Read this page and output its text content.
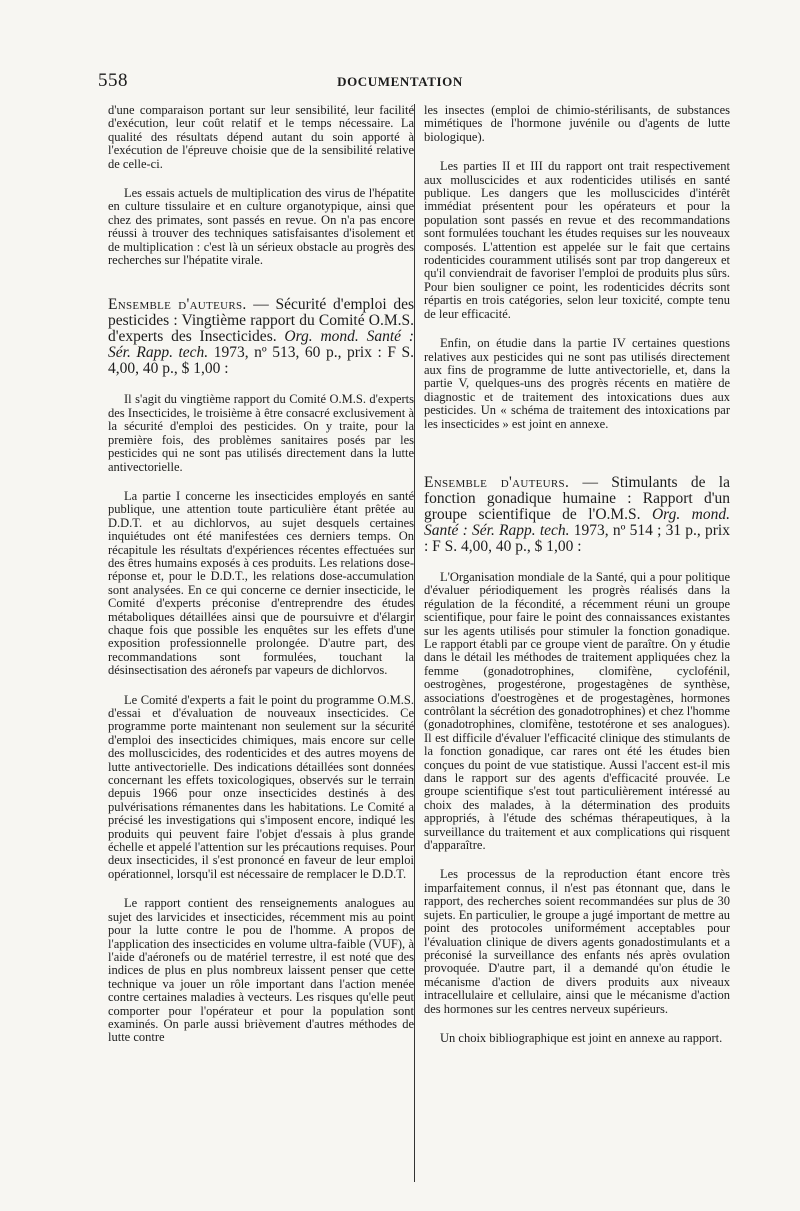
558	DOCUMENTATION

d'une comparaison portant sur leur sensibilité, leur facilité d'exécution, leur coût relatif et le temps nécessaire. La qualité des résultats dépend autant du soin apporté à l'exécution de l'épreuve choisie que de la sensibilité relative de celle-ci.

Les essais actuels de multiplication des virus de l'hépatite en culture tissulaire et en culture organotypique, ainsi que chez des primates, sont passés en revue. On n'a pas encore réussi à trouver des techniques satisfaisantes d'isolement et de multiplication : c'est là un sérieux obstacle au progrès des recherches sur l'hépatite virale.

Ensemble d'auteurs. — Sécurité d'emploi des pesticides : Vingtième rapport du Comité O.M.S. d'experts des Insecticides. Org. mond. Santé : Sér. Rapp. tech. 1973, nº 513, 60 p., prix : F S. 4,00, 40 p., $ 1,00 :

Il s'agit du vingtième rapport du Comité O.M.S. d'experts des Insecticides, le troisième à être consacré exclusivement à la sécurité d'emploi des pesticides. On y traite, pour la première fois, des problèmes sanitaires posés par les pesticides qui ne sont pas utilisés directement dans la lutte antivectorielle.

La partie I concerne les insecticides employés en santé publique, une attention toute particulière étant prêtée au D.D.T. et au dichlorvos, au sujet desquels certaines inquiétudes ont été manifestées ces derniers temps. On récapitule les résultats d'expériences récentes effectuées sur des êtres humains exposés à ces produits. Les relations dose-réponse et, pour le D.D.T., les relations dose-accumulation sont analysées. En ce qui concerne ce dernier insecticide, le Comité d'experts préconise d'entreprendre des études métaboliques détaillées ainsi que de poursuivre et d'élargir chaque fois que possible les enquêtes sur les effets d'une exposition professionnelle prolongée. D'autre part, des recommandations sont formulées, touchant la désinsectisation des aéronefs par vapeurs de dichlorvos.

Le Comité d'experts a fait le point du programme O.M.S. d'essai et d'évaluation de nouveaux insecticides. Ce programme porte maintenant non seulement sur la sécurité d'emploi des insecticides chimiques, mais encore sur celle des molluscicides, des rodenticides et des autres moyens de lutte antivectorielle. Des indications détaillées sont données concernant les effets toxicologiques, observés sur le terrain depuis 1966 pour onze insecticides destinés à des pulvérisations rémanentes dans les habitations. Le Comité a précisé les investigations qui s'imposent encore, indiqué les produits qui peuvent faire l'objet d'essais à plus grande échelle et appelé l'attention sur les précautions requises. Pour deux insecticides, il s'est prononcé en faveur de leur emploi opérationnel, lorsqu'il est nécessaire de remplacer le D.D.T.

Le rapport contient des renseignements analogues au sujet des larvicides et insecticides, récemment mis au point pour la lutte contre le pou de l'homme. A propos de l'application des insecticides en volume ultra-faible (VUF), à l'aide d'aéronefs ou de matériel terrestre, il est noté que des indices de plus en plus nombreux laissent penser que cette technique va jouer un rôle important dans l'action menée contre certaines maladies à vecteurs. Les risques qu'elle peut comporter pour l'opérateur et pour la population sont examinés. On parle aussi brièvement d'autres méthodes de lutte contre

les insectes (emploi de chimio-stérilisants, de substances mimétiques de l'hormone juvénile ou d'agents de lutte biologique).

Les parties II et III du rapport ont trait respectivement aux molluscicides et aux rodenticides utilisés en santé publique. Les dangers que les molluscicides d'intérêt immédiat présentent pour les opérateurs et pour la population sont passés en revue et des recommandations sont formulées touchant les études requises sur les nouveaux composés. L'attention est appelée sur le fait que certains rodenticides couramment utilisés sont par trop dangereux et qu'il conviendrait de favoriser l'emploi de produits plus sûrs. Pour bien souligner ce point, les rodenticides décrits sont répartis en trois catégories, selon leur toxicité, compte tenu de leur efficacité.

Enfin, on étudie dans la partie IV certaines questions relatives aux pesticides qui ne sont pas utilisés directement aux fins de programme de lutte antivectorielle, et, dans la partie V, quelques-uns des progrès récents en matière de diagnostic et de traitement des intoxications dues aux pesticides. Un « schéma de traitement des intoxications par les insecticides » est joint en annexe.

Ensemble d'auteurs. — Stimulants de la fonction gonadique humaine : Rapport d'un groupe scientifique de l'O.M.S. Org. mond. Santé : Sér. Rapp. tech. 1973, nº 514 ; 31 p., prix : F S. 4,00, 40 p., $ 1,00 :

L'Organisation mondiale de la Santé, qui a pour politique d'évaluer périodiquement les progrès réalisés dans la régulation de la fécondité, a récemment réuni un groupe scientifique, pour faire le point des connaissances existantes sur les agents utilisés pour stimuler la fonction gonadique. Le rapport établi par ce groupe vient de paraître. On y étudie dans le détail les méthodes de traitement appliquées chez la femme (gonadotrophines, clomifène, cyclofénil, oestrogènes, progestérone, progestagènes de synthèse, associations d'oestrogènes et de progestagènes, hormones contrôlant la sécrétion des gonadotrophines) et chez l'homme (gonadotrophines, clomifène, testotérone et ses analogues). Il est difficile d'évaluer l'efficacité clinique des stimulants de la fonction gonadique, car rares ont été les études bien conçues du point de vue statistique. Aussi l'accent est-il mis dans le rapport sur des agents d'efficacité prouvée. Le groupe scientifique s'est tout particulièrement intéressé au choix des malades, à la détermination des produits appropriés, à l'étude des schémas thérapeutiques, à la surveillance du traitement et aux complications qui risquent d'apparaître.

Les processus de la reproduction étant encore très imparfaitement connus, il n'est pas étonnant que, dans le rapport, des recherches soient recommandées sur plus de 30 sujets. En particulier, le groupe a jugé important de mettre au point des protocoles uniformément acceptables pour l'évaluation clinique de divers agents gonadostimulants et a préconisé la surveillance des enfants nés après ovulation provoquée. D'autre part, il a demandé qu'on étudie le mécanisme d'action de divers produits aux niveaux intracellulaire et cellulaire, ainsi que le mécanisme d'action des hormones sur les centres nerveux supérieurs.

Un choix bibliographique est joint en annexe au rapport.
